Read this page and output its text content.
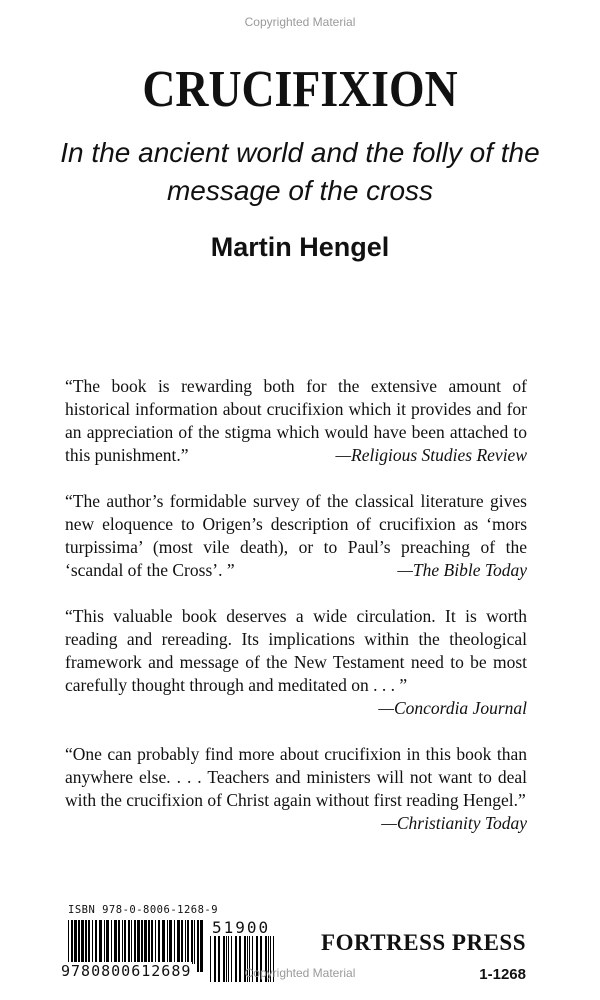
Copyrighted Material
CRUCIFIXION
In the ancient world and the folly of the message of the cross
Martin Hengel

“The book is rewarding both for the extensive amount of historical information about crucifixion which it provides and for an appreciation of the stigma which would have been attached to this punishment.”	—Religious Studies Review

“The author’s formidable survey of the classical literature gives new eloquence to Origen’s description of crucifixion as ‘mors turpissima’ (most vile death), or to Paul’s preaching of the ‘scandal of the Cross’. ”	—The Bible Today

“This valuable book deserves a wide circulation. It is worth reading and rereading. Its implications within the theological framework and message of the New Testament need to be most carefully thought through and meditated on . . . ”

—Concordia Journal

“One can probably find more about crucifixion in this book than anywhere else. . . . Teachers and ministers will not want to deal with the crucifixion of Christ again without first reading Hengel.”
—Christianity Today

ISBN 978-0-8006-1268-9
51900
9780800612689
FORTRESS PRESS
1-1268
Copyrighted Material
